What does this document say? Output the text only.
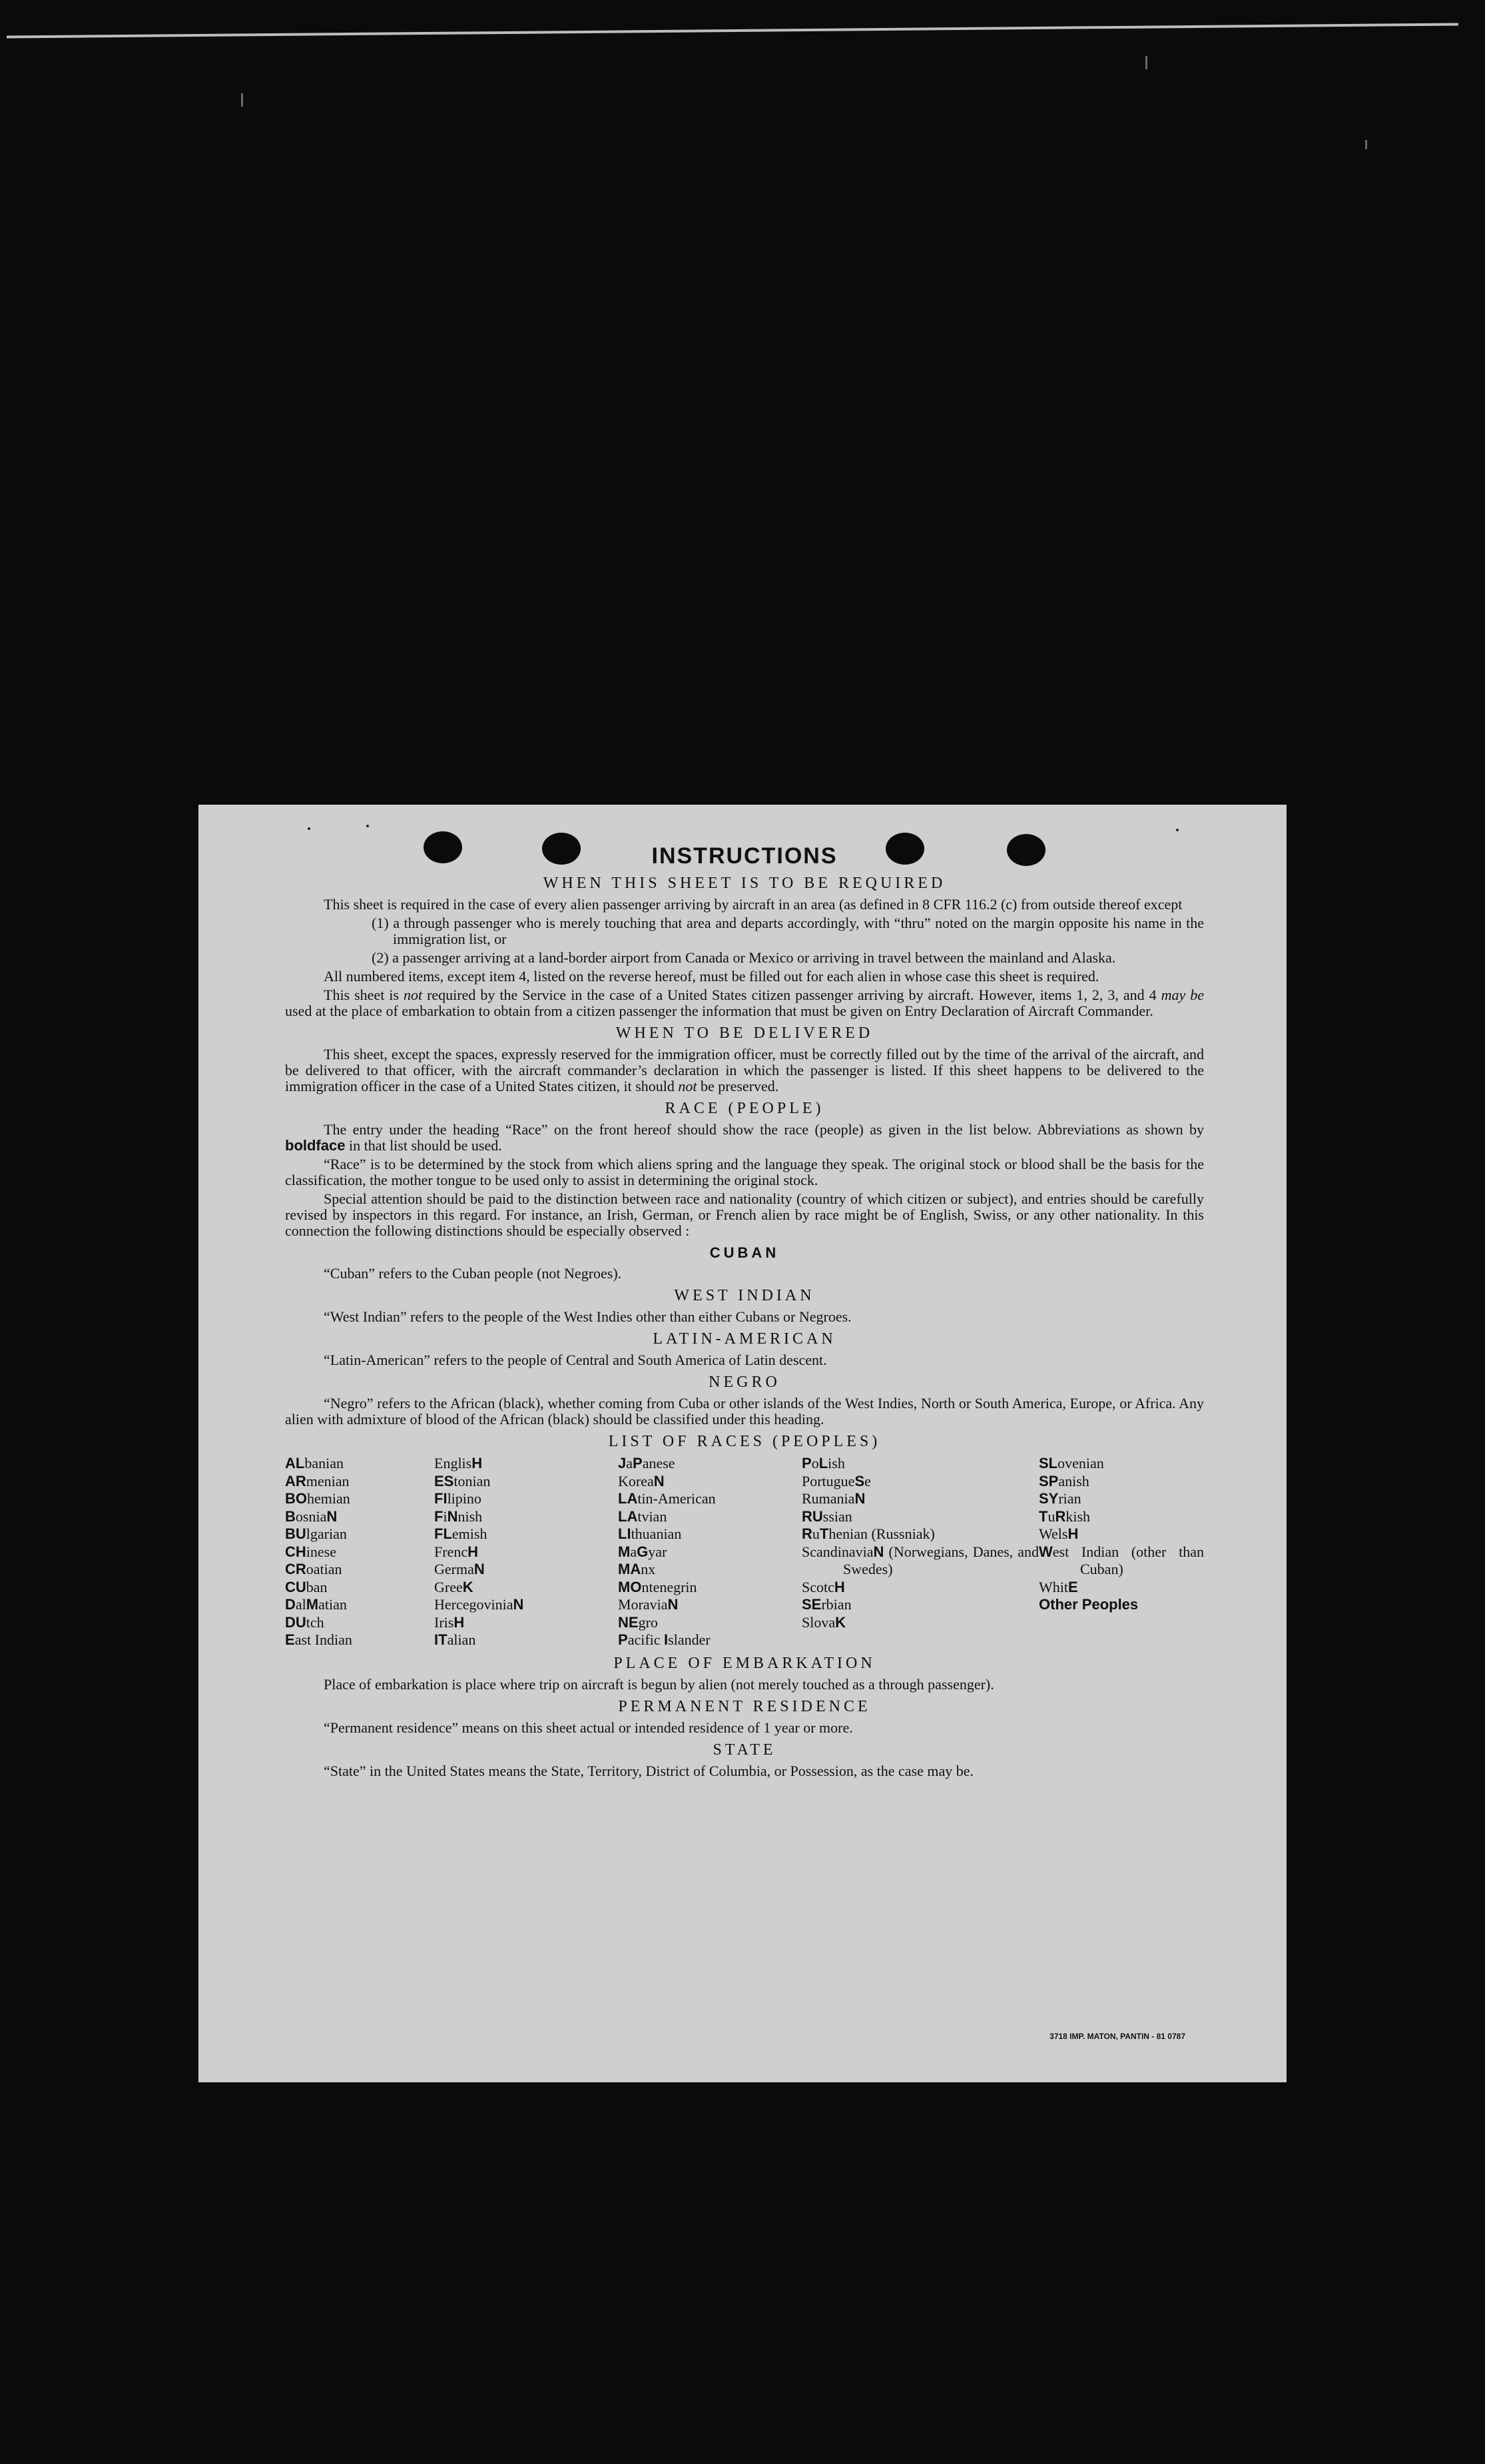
INSTRUCTIONS
WHEN THIS SHEET IS TO BE REQUIRED

This sheet is required in the case of every alien passenger arriving by aircraft in an area (as defined in 8 CFR 116.2 (c) from outside thereof except

(1) a through passenger who is merely touching that area and departs accordingly, with “thru” noted on the margin opposite his name in the immigration list, or

(2) a passenger arriving at a land-border airport from Canada or Mexico or arriving in travel between the mainland and Alaska.

All numbered items, except item 4, listed on the reverse hereof, must be filled out for each alien in whose case this sheet is required.

This sheet is not required by the Service in the case of a United States citizen passenger arriving by aircraft. However, items 1, 2, 3, and 4 may be used at the place of embarkation to obtain from a citizen passenger the information that must be given on Entry Declaration of Aircraft Commander.

WHEN TO BE DELIVERED

This sheet, except the spaces, expressly reserved for the immigration officer, must be correctly filled out by the time of the arrival of the aircraft, and be delivered to that officer, with the aircraft commander’s declaration in which the passenger is listed. If this sheet happens to be delivered to the immigration officer in the case of a United States citizen, it should not be preserved.

RACE (PEOPLE)

The entry under the heading “Race” on the front hereof should show the race (people) as given in the list below. Abbreviations as shown by boldface in that list should be used.

“Race” is to be determined by the stock from which aliens spring and the language they speak. The original stock or blood shall be the basis for the classification, the mother tongue to be used only to assist in determining the original stock.

Special attention should be paid to the distinction between race and nationality (country of which citizen or subject), and entries should be carefully revised by inspectors in this regard. For instance, an Irish, German, or French alien by race might be of English, Swiss, or any other nationality. In this connection the following distinctions should be especially observed :

CUBAN

“Cuban” refers to the Cuban people (not Negroes).

WEST INDIAN

“West Indian” refers to the people of the West Indies other than either Cubans or Negroes.

LATIN-AMERICAN

“Latin-American” refers to the people of Central and South America of Latin descent.

NEGRO

“Negro” refers to the African (black), whether coming from Cuba or other islands of the West Indies, North or South America, Europe, or Africa. Any alien with admixture of blood of the African (black) should be classified under this heading.

LIST OF RACES (PEOPLES)
ALbanian
ARmenian
BOhemian
BosniaN
BUlgarian
CHinese
CRoatian
CUban
DalMatian
DUtch
East Indian
EnglisH
EStonian
FIlipino
FiNnish
FLemish
FrencH
GermaN
GreeK
HercegoviniaN
IrisH
ITalian
JaPanese
KoreaN
LAtin-American
LAtvian
LIthuanian
MaGyar
MAnx
MOntenegrin
MoraviaN
NEgro
Pacific Islander
PoLish
PortugueSe
RumaniaN
RUssian
RuThenian (Russniak)
ScandinaviaN (Norwegians, Danes, and Swedes)
ScotcH
SErbian
SlovaK
SLovenian
SPanish
SYrian
TuRkish
WelsH
West Indian (other than Cuban)
WhitE
Other Peoples
PLACE OF EMBARKATION

Place of embarkation is place where trip on aircraft is begun by alien (not merely touched as a through passenger).

PERMANENT RESIDENCE

“Permanent residence” means on this sheet actual or intended residence of 1 year or more.

STATE

“State” in the United States means the State, Territory, District of Columbia, or Possession, as the case may be.

3718 IMP. MATON, PANTIN - 81 0787
